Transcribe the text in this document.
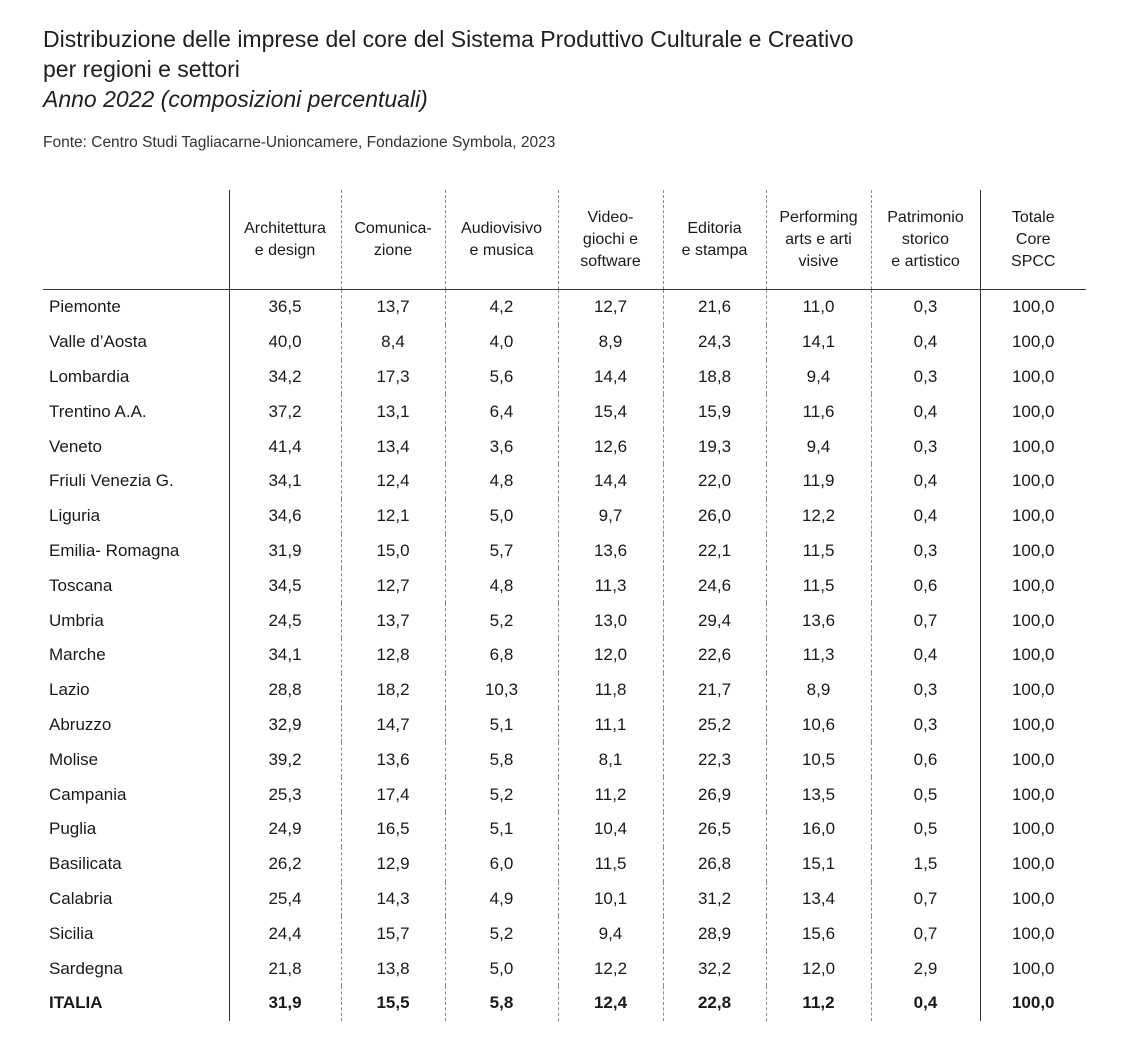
Distribuzione delle imprese del core del Sistema Produttivo Culturale e Creativo
per regioni e settori
Anno 2022 (composizioni percentuali)
Fonte: Centro Studi Tagliacarne-Unioncamere, Fondazione Symbola, 2023
	Architettura
e design	Comunica-
zione	Audiovisivo
e musica	Video-
giochi e
software	Editoria
e stampa	Performing
arts e arti
visive	Patrimonio
storico
e artistico	Totale
Core
SPCC
Piemonte	36,5	13,7	4,2	12,7	21,6	11,0	0,3	100,0
Valle d’Aosta	40,0	8,4	4,0	8,9	24,3	14,1	0,4	100,0
Lombardia	34,2	17,3	5,6	14,4	18,8	9,4	0,3	100,0
Trentino A.A.	37,2	13,1	6,4	15,4	15,9	11,6	0,4	100,0
Veneto	41,4	13,4	3,6	12,6	19,3	9,4	0,3	100,0
Friuli Venezia G.	34,1	12,4	4,8	14,4	22,0	11,9	0,4	100,0
Liguria	34,6	12,1	5,0	9,7	26,0	12,2	0,4	100,0
Emilia- Romagna	31,9	15,0	5,7	13,6	22,1	11,5	0,3	100,0
Toscana	34,5	12,7	4,8	11,3	24,6	11,5	0,6	100,0
Umbria	24,5	13,7	5,2	13,0	29,4	13,6	0,7	100,0
Marche	34,1	12,8	6,8	12,0	22,6	11,3	0,4	100,0
Lazio	28,8	18,2	10,3	11,8	21,7	8,9	0,3	100,0
Abruzzo	32,9	14,7	5,1	11,1	25,2	10,6	0,3	100,0
Molise	39,2	13,6	5,8	8,1	22,3	10,5	0,6	100,0
Campania	25,3	17,4	5,2	11,2	26,9	13,5	0,5	100,0
Puglia	24,9	16,5	5,1	10,4	26,5	16,0	0,5	100,0
Basilicata	26,2	12,9	6,0	11,5	26,8	15,1	1,5	100,0
Calabria	25,4	14,3	4,9	10,1	31,2	13,4	0,7	100,0
Sicilia	24,4	15,7	5,2	9,4	28,9	15,6	0,7	100,0
Sardegna	21,8	13,8	5,0	12,2	32,2	12,0	2,9	100,0
ITALIA	31,9	15,5	5,8	12,4	22,8	11,2	0,4	100,0
